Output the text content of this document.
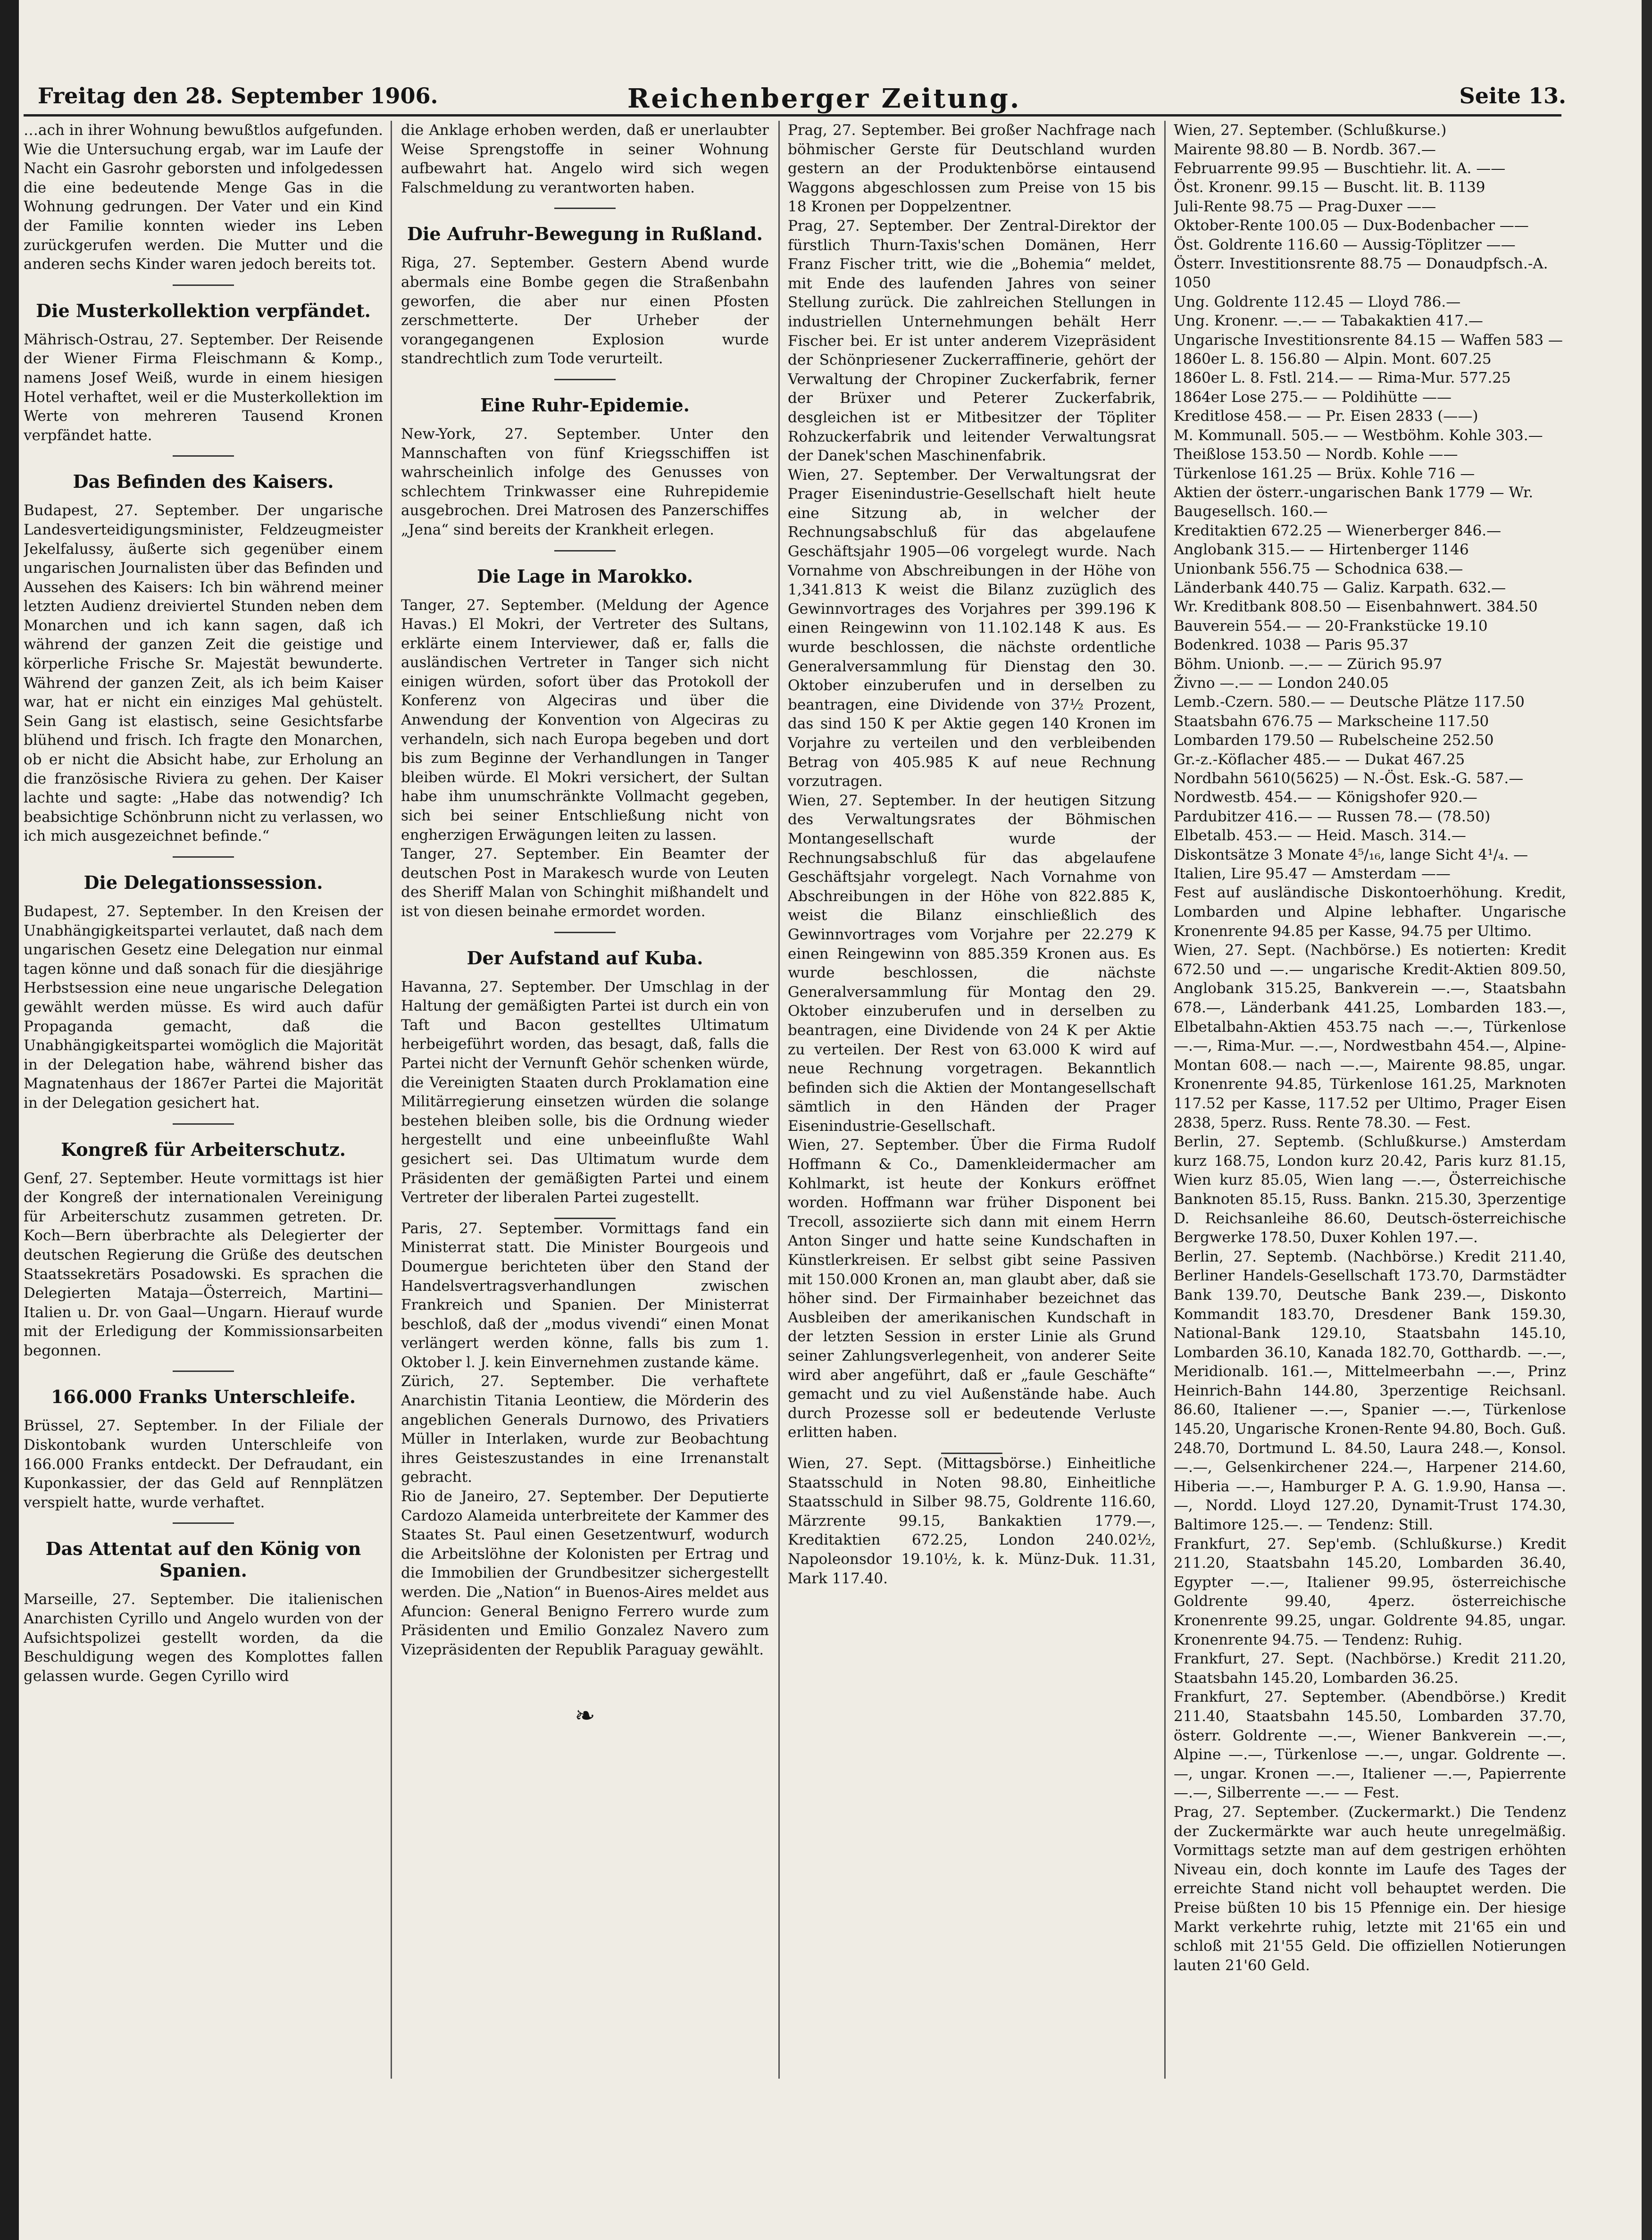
Freitag den 28. September 1906.	Reichenberger Zeitung.	Seite 13.

…ach in ihrer Wohnung bewußtlos aufgefunden. Wie die Untersuchung ergab, war im Laufe der Nacht ein Gasrohr geborsten und infolgedessen die eine bedeutende Menge Gas in die Wohnung gedrungen. Der Vater und ein Kind der Familie konnten wieder ins Leben zurückgerufen werden. Die Mutter und die anderen sechs Kinder waren jedoch bereits tot.

Die Musterkollektion verpfändet.

Mährisch-Ostrau, 27. September. Der Reisende der Wiener Firma Fleischmann & Komp., namens Josef Weiß, wurde in einem hiesigen Hotel verhaftet, weil er die Musterkollektion im Werte von mehreren Tausend Kronen verpfändet hatte.

Das Befinden des Kaisers.

Budapest, 27. September. Der ungarische Landesverteidigungsminister, Feldzeugmeister Jekelfalussy, äußerte sich gegenüber einem ungarischen Journalisten über das Befinden und Aussehen des Kaisers: Ich bin während meiner letzten Audienz dreiviertel Stunden neben dem Monarchen und ich kann sagen, daß ich während der ganzen Zeit die geistige und körperliche Frische Sr. Majestät bewunderte. Während der ganzen Zeit, als ich beim Kaiser war, hat er nicht ein einziges Mal gehüstelt. Sein Gang ist elastisch, seine Gesichtsfarbe blühend und frisch. Ich fragte den Monarchen, ob er nicht die Absicht habe, zur Erholung an die französische Riviera zu gehen. Der Kaiser lachte und sagte: „Habe das notwendig? Ich beabsichtige Schönbrunn nicht zu verlassen, wo ich mich ausgezeichnet befinde.“

Die Delegationssession.

Budapest, 27. September. In den Kreisen der Unabhängigkeitspartei verlautet, daß nach dem ungarischen Gesetz eine Delegation nur einmal tagen könne und daß sonach für die diesjährige Herbstsession eine neue ungarische Delegation gewählt werden müsse. Es wird auch dafür Propaganda gemacht, daß die Unabhängigkeitspartei womöglich die Majorität in der Delegation habe, während bisher das Magnatenhaus der 1867er Partei die Majorität in der Delegation gesichert hat.

Kongreß für Arbeiterschutz.

Genf, 27. September. Heute vormittags ist hier der Kongreß der internationalen Vereinigung für Arbeiterschutz zusammen getreten. Dr. Koch—Bern überbrachte als Delegierter der deutschen Regierung die Grüße des deutschen Staatssekretärs Posadowski. Es sprachen die Delegierten Mataja—Österreich, Martini—Italien u. Dr. von Gaal—Ungarn. Hierauf wurde mit der Erledigung der Kommissionsarbeiten begonnen.

166.000 Franks Unterschleife.

Brüssel, 27. September. In der Filiale der Diskontobank wurden Unterschleife von 166.000 Franks entdeckt. Der Defraudant, ein Kuponkassier, der das Geld auf Rennplätzen verspielt hatte, wurde verhaftet.

Das Attentat auf den König von Spanien.

Marseille, 27. September. Die italienischen Anarchisten Cyrillo und Angelo wurden von der Aufsichtspolizei gestellt worden, da die Beschuldigung wegen des Komplottes fallen gelassen wurde. Gegen Cyrillo wird

die Anklage erhoben werden, daß er unerlaubter Weise Sprengstoffe in seiner Wohnung aufbewahrt hat. Angelo wird sich wegen Falschmeldung zu verantworten haben.

Die Aufruhr-Bewegung in Rußland.

Riga, 27. September. Gestern Abend wurde abermals eine Bombe gegen die Straßenbahn geworfen, die aber nur einen Pfosten zerschmetterte. Der Urheber der vorangegangenen Explosion wurde standrechtlich zum Tode verurteilt.

Eine Ruhr-Epidemie.

New-York, 27. September. Unter den Mannschaften von fünf Kriegsschiffen ist wahrscheinlich infolge des Genusses von schlechtem Trinkwasser eine Ruhrepidemie ausgebrochen. Drei Matrosen des Panzerschiffes „Jena“ sind bereits der Krankheit erlegen.

Die Lage in Marokko.

Tanger, 27. September. (Meldung der Agence Havas.) El Mokri, der Vertreter des Sultans, erklärte einem Interviewer, daß er, falls die ausländischen Vertreter in Tanger sich nicht einigen würden, sofort über das Protokoll der Konferenz von Algeciras und über die Anwendung der Konvention von Algeciras zu verhandeln, sich nach Europa begeben und dort bis zum Beginne der Verhandlungen in Tanger bleiben würde. El Mokri versichert, der Sultan habe ihm unumschränkte Vollmacht gegeben, sich bei seiner Entschließung nicht von engherzigen Erwägungen leiten zu lassen.

Tanger, 27. September. Ein Beamter der deutschen Post in Marakesch wurde von Leuten des Sheriff Malan von Schinghit mißhandelt und ist von diesen beinahe ermordet worden.

Der Aufstand auf Kuba.

Havanna, 27. September. Der Umschlag in der Haltung der gemäßigten Partei ist durch ein von Taft und Bacon gestelltes Ultimatum herbeigeführt worden, das besagt, daß, falls die Partei nicht der Vernunft Gehör schenken würde, die Vereinigten Staaten durch Proklamation eine Militärregierung einsetzen würden die solange bestehen bleiben solle, bis die Ordnung wieder hergestellt und eine unbeeinflußte Wahl gesichert sei. Das Ultimatum wurde dem Präsidenten der gemäßigten Partei und einem Vertreter der liberalen Partei zugestellt.

Paris, 27. September. Vormittags fand ein Ministerrat statt. Die Minister Bourgeois und Doumergue berichteten über den Stand der Handelsvertragsverhandlungen zwischen Frankreich und Spanien. Der Ministerrat beschloß, daß der „modus vivendi“ einen Monat verlängert werden könne, falls bis zum 1. Oktober l. J. kein Einvernehmen zustande käme.

Zürich, 27. September. Die verhaftete Anarchistin Titania Leontiew, die Mörderin des angeblichen Generals Durnowo, des Privatiers Müller in Interlaken, wurde zur Beobachtung ihres Geisteszustandes in eine Irrenanstalt gebracht.

Rio de Janeiro, 27. September. Der Deputierte Cardozo Alameida unterbreitete der Kammer des Staates St. Paul einen Gesetzentwurf, wodurch die Arbeitslöhne der Kolonisten per Ertrag und die Immobilien der Grundbesitzer sichergestellt werden. Die „Nation“ in Buenos-Aires meldet aus Afuncion: General Benigno Ferrero wurde zum Präsidenten und Emilio Gonzalez Navero zum Vizepräsidenten der Republik Paraguay gewählt.

❧

Prag, 27. September. Bei großer Nachfrage nach böhmischer Gerste für Deutschland wurden gestern an der Produktenbörse eintausend Waggons abgeschlossen zum Preise von 15 bis 18 Kronen per Doppelzentner.

Prag, 27. September. Der Zentral-Direktor der fürstlich Thurn-Taxis'schen Domänen, Herr Franz Fischer tritt, wie die „Bohemia“ meldet, mit Ende des laufenden Jahres von seiner Stellung zurück. Die zahlreichen Stellungen in industriellen Unternehmungen behält Herr Fischer bei. Er ist unter anderem Vizepräsident der Schönpriesener Zuckerraffinerie, gehört der Verwaltung der Chropiner Zuckerfabrik, ferner der Brüxer und Peterer Zuckerfabrik, desgleichen ist er Mitbesitzer der Töpliter Rohzuckerfabrik und leitender Verwaltungsrat der Danek'schen Maschinenfabrik.

Wien, 27. September. Der Verwaltungsrat der Prager Eisenindustrie-Gesellschaft hielt heute eine Sitzung ab, in welcher der Rechnungsabschluß für das abgelaufene Geschäftsjahr 1905—06 vorgelegt wurde. Nach Vornahme von Abschreibungen in der Höhe von 1,341.813 K weist die Bilanz zuzüglich des Gewinnvortrages des Vorjahres per 399.196 K einen Reingewinn von 11.102.148 K aus. Es wurde beschlossen, die nächste ordentliche Generalversammlung für Dienstag den 30. Oktober einzuberufen und in derselben zu beantragen, eine Dividende von 37½ Prozent, das sind 150 K per Aktie gegen 140 Kronen im Vorjahre zu verteilen und den verbleibenden Betrag von 405.985 K auf neue Rechnung vorzutragen.

Wien, 27. September. In der heutigen Sitzung des Verwaltungsrates der Böhmischen Montangesellschaft wurde der Rechnungsabschluß für das abgelaufene Geschäftsjahr vorgelegt. Nach Vornahme von Abschreibungen in der Höhe von 822.885 K, weist die Bilanz einschließlich des Gewinnvortrages vom Vorjahre per 22.279 K einen Reingewinn von 885.359 Kronen aus. Es wurde beschlossen, die nächste Generalversammlung für Montag den 29. Oktober einzuberufen und in derselben zu beantragen, eine Dividende von 24 K per Aktie zu verteilen. Der Rest von 63.000 K wird auf neue Rechnung vorgetragen. Bekanntlich befinden sich die Aktien der Montangesellschaft sämtlich in den Händen der Prager Eisenindustrie-Gesellschaft.

Wien, 27. September. Über die Firma Rudolf Hoffmann & Co., Damenkleidermacher am Kohlmarkt, ist heute der Konkurs eröffnet worden. Hoffmann war früher Disponent bei Trecoll, assoziierte sich dann mit einem Herrn Anton Singer und hatte seine Kundschaften in Künstlerkreisen. Er selbst gibt seine Passiven mit 150.000 Kronen an, man glaubt aber, daß sie höher sind. Der Firmainhaber bezeichnet das Ausbleiben der amerikanischen Kundschaft in der letzten Session in erster Linie als Grund seiner Zahlungsverlegenheit, von anderer Seite wird aber angeführt, daß er „faule Geschäfte“ gemacht und zu viel Außenstände habe. Auch durch Prozesse soll er bedeutende Verluste erlitten haben.

Wien, 27. Sept. (Mittagsbörse.) Einheitliche Staatsschuld in Noten 98.80, Einheitliche Staatsschuld in Silber 98.75, Goldrente 116.60, Märzrente 99.15, Bankaktien 1779.—, Kreditaktien 672.25, London 240.02½, Napoleonsdor 19.10½, k. k. Münz-Duk. 11.31, Mark 117.40.

Wien, 27. September. (Schlußkurse.)

Mairente 98.80 — B. Nordb. 367.—
Februarrente 99.95 — Buschtiehr. lit. A. ——
Öst. Kronenr. 99.15 — Buscht. lit. B. 1139
Juli-Rente 98.75 — Prag-Duxer ——
Oktober-Rente 100.05 — Dux-Bodenbacher ——
Öst. Goldrente 116.60 — Aussig-Töplitzer ——
Österr. Investitionsrente 88.75 — Donaudpfsch.-A. 1050
Ung. Goldrente 112.45 — Lloyd 786.—
Ung. Kronenr. —.— — Tabakaktien 417.—
Ungarische Investitionsrente 84.15 — Waffen 583 —
1860er L. 8. 156.80 — Alpin. Mont. 607.25
1860er L. 8. Fstl. 214.— — Rima-Mur. 577.25
1864er Lose 275.— — Poldihütte ——
Kreditlose 458.— — Pr. Eisen 2833 (——)
M. Kommunall. 505.— — Westböhm. Kohle 303.—
Theißlose 153.50 — Nordb. Kohle ——
Türkenlose 161.25 — Brüx. Kohle 716 —
Aktien der österr.-ungarischen Bank 1779 — Wr. Baugesellsch. 160.—
Kreditaktien 672.25 — Wienerberger 846.—
Anglobank 315.— — Hirtenberger 1146
Unionbank 556.75 — Schodnica 638.—
Länderbank 440.75 — Galiz. Karpath. 632.—
Wr. Kreditbank 808.50 — Eisenbahnwert. 384.50
Bauverein 554.— — 20-Frankstücke 19.10
Bodenkred. 1038 — Paris 95.37
Böhm. Unionb. —.— — Zürich 95.97
Živno —.— — London 240.05
Lemb.-Czern. 580.— — Deutsche Plätze 117.50
Staatsbahn 676.75 — Markscheine 117.50
Lombarden 179.50 — Rubelscheine 252.50
Gr.-z.-Köflacher 485.— — Dukat 467.25
Nordbahn 5610(5625) — N.-Öst. Esk.-G. 587.—
Nordwestb. 454.— — Königshofer 920.—
Pardubitzer 416.— — Russen 78.— (78.50)
Elbetalb. 453.— — Heid. Masch. 314.—
Diskontsätze 3 Monate 4⁵/₁₆, lange Sicht 4¹/₄. — Italien, Lire 95.47 — Amsterdam ——

Fest auf ausländische Diskontoerhöhung. Kredit, Lombarden und Alpine lebhafter. Ungarische Kronenrente 94.85 per Kasse, 94.75 per Ultimo.

Wien, 27. Sept. (Nachbörse.) Es notierten: Kredit 672.50 und —.— ungarische Kredit-Aktien 809.50, Anglobank 315.25, Bankverein —.—, Staatsbahn 678.—, Länderbank 441.25, Lombarden 183.—, Elbetalbahn-Aktien 453.75 nach —.—, Türkenlose —.—, Rima-Mur. —.—, Nordwestbahn 454.—, Alpine-Montan 608.— nach —.—, Mairente 98.85, ungar. Kronenrente 94.85, Türkenlose 161.25, Marknoten 117.52 per Kasse, 117.52 per Ultimo, Prager Eisen 2838, 5perz. Russ. Rente 78.30. — Fest.

Berlin, 27. Septemb. (Schlußkurse.) Amsterdam kurz 168.75, London kurz 20.42, Paris kurz 81.15, Wien kurz 85.05, Wien lang —.—, Österreichische Banknoten 85.15, Russ. Bankn. 215.30, 3perzentige D. Reichsanleihe 86.60, Deutsch-österreichische Bergwerke 178.50, Duxer Kohlen 197.—.

Berlin, 27. Septemb. (Nachbörse.) Kredit 211.40, Berliner Handels-Gesellschaft 173.70, Darmstädter Bank 139.70, Deutsche Bank 239.—, Diskonto Kommandit 183.70, Dresdener Bank 159.30, National-Bank 129.10, Staatsbahn 145.10, Lombarden 36.10, Kanada 182.70, Gotthardb. —.—, Meridionalb. 161.—, Mittelmeerbahn —.—, Prinz Heinrich-Bahn 144.80, 3perzentige Reichsanl. 86.60, Italiener —.—, Spanier —.—, Türkenlose 145.20, Ungarische Kronen-Rente 94.80, Boch. Guß. 248.70, Dortmund L. 84.50, Laura 248.—, Konsol. —.—, Gelsenkirchener 224.—, Harpener 214.60, Hiberia —.—, Hamburger P. A. G. 1.9.90, Hansa —.—, Nordd. Lloyd 127.20, Dynamit-Trust 174.30, Baltimore 125.—. — Tendenz: Still.

Frankfurt, 27. Sep'emb. (Schlußkurse.) Kredit 211.20, Staatsbahn 145.20, Lombarden 36.40, Egypter —.—, Italiener 99.95, österreichische Goldrente 99.40, 4perz. österreichische Kronenrente 99.25, ungar. Goldrente 94.85, ungar. Kronenrente 94.75. — Tendenz: Ruhig.

Frankfurt, 27. Sept. (Nachbörse.) Kredit 211.20, Staatsbahn 145.20, Lombarden 36.25.

Frankfurt, 27. September. (Abendbörse.) Kredit 211.40, Staatsbahn 145.50, Lombarden 37.70, österr. Goldrente —.—, Wiener Bankverein —.—, Alpine —.—, Türkenlose —.—, ungar. Goldrente —.—, ungar. Kronen —.—, Italiener —.—, Papierrente —.—, Silberrente —.— — Fest.

Prag, 27. September. (Zuckermarkt.) Die Tendenz der Zuckermärkte war auch heute unregelmäßig. Vormittags setzte man auf dem gestrigen erhöhten Niveau ein, doch konnte im Laufe des Tages der erreichte Stand nicht voll behauptet werden. Die Preise büßten 10 bis 15 Pfennige ein. Der hiesige Markt verkehrte ruhig, letzte mit 21'65 ein und schloß mit 21'55 Geld. Die offiziellen Notierungen lauten 21'60 Geld.
